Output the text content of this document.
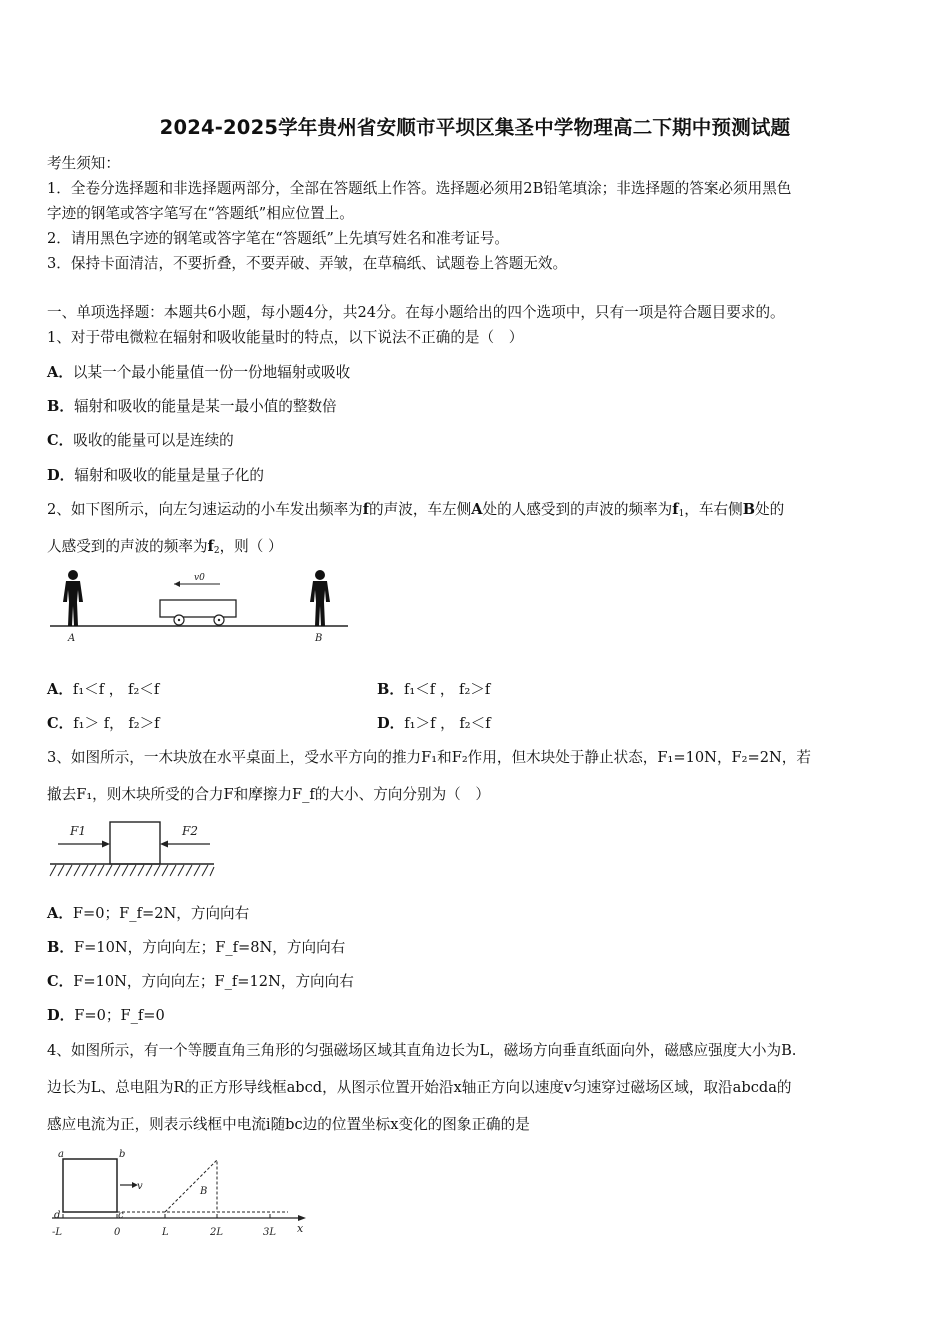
2024-2025学年贵州省安顺市平坝区集圣中学物理高二下期中预测试题
考生须知：
1．全卷分选择题和非选择题两部分，全部在答题纸上作答。选择题必须用2B铅笔填涂；非选择题的答案必须用黑色
字迹的钢笔或答字笔写在“答题纸”相应位置上。
2．请用黑色字迹的钢笔或答字笔在“答题纸”上先填写姓名和准考证号。
3．保持卡面清洁，不要折叠，不要弄破、弄皱，在草稿纸、试题卷上答题无效。
一、单项选择题：本题共6小题，每小题4分，共24分。在每小题给出的四个选项中，只有一项是符合题目要求的。
1、对于带电微粒在辐射和吸收能量时的特点，以下说法不正确的是（　）
A．以某一个最小能量值一份一份地辐射或吸收
B．辐射和吸收的能量是某一最小值的整数倍
C．吸收的能量可以是连续的
D．辐射和吸收的能量是量子化的
2、如下图所示，向左匀速运动的小车发出频率为f的声波，车左侧A处的人感受到的声波的频率为$f_1$，车右侧B处的
人感受到的声波的频率为$f_2$，则（ ）
v0
A	B
A．f₁＜f ， f₂＜f	B．f₁＜f ， f₂＞f
C．f₁＞ f， f₂＞f	D．f₁＞f ， f₂＜f
3、如图所示，一木块放在水平桌面上，受水平方向的推力F₁和F₂作用，但木块处于静止状态，F₁=10N，F₂=2N，若
撤去F₁，则木块所受的合力F和摩擦力F_f的大小、方向分别为（　）
F1	F2
A．F=0；F_f=2N，方向向右
B．F=10N，方向向左；F_f=8N，方向向右
C．F=10N，方向向左；F_f=12N，方向向右
D．F=0；F_f=0
4、如图所示，有一个等腰直角三角形的匀强磁场区域其直角边长为L，磁场方向垂直纸面向外，磁感应强度大小为B.
边长为L、总电阻为R的正方形导线框abcd，从图示位置开始沿x轴正方向以速度v匀速穿过磁场区域，取沿abcda的
感应电流为正，则表示线框中电流i随bc边的位置坐标x变化的图象正确的是
a	b
c
d
v	B
x
-L	0	L	2L	3L
